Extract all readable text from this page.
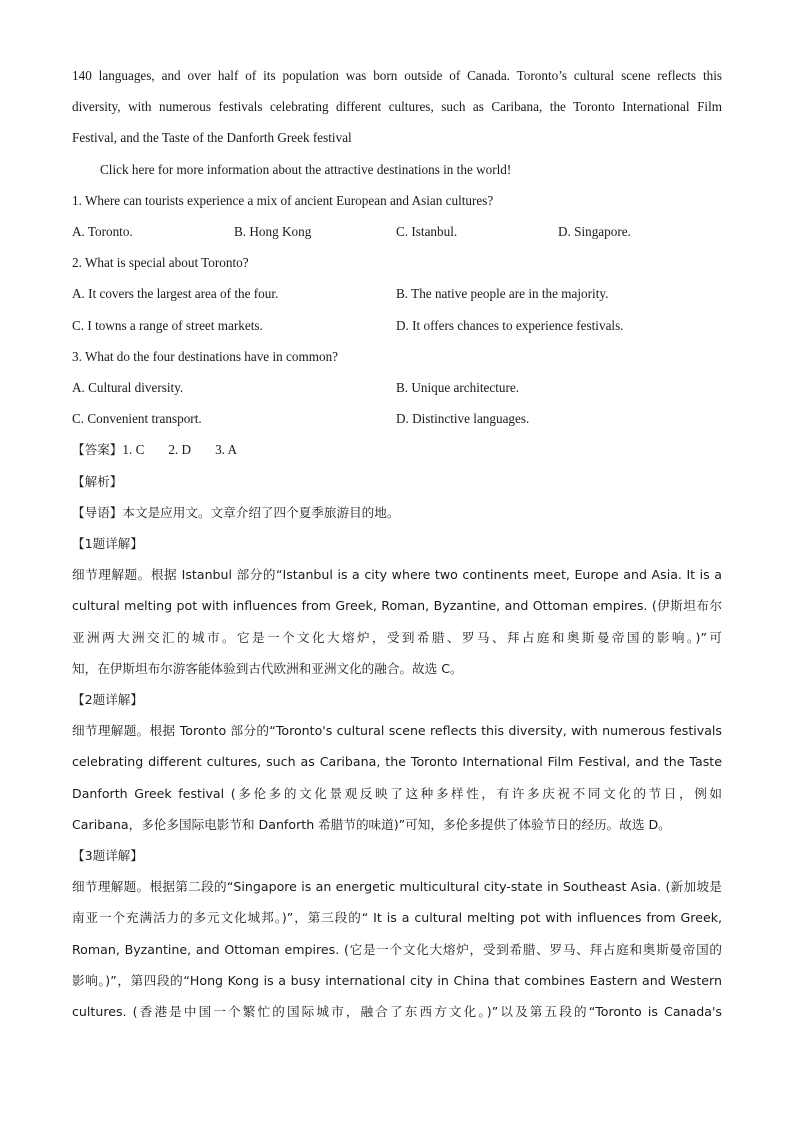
140 languages, and over half of its population was born outside of Canada. Toronto’s cultural scene reflects this
diversity, with numerous festivals celebrating different cultures, such as Caribana, the Toronto International Film
Festival, and the Taste of the Danforth Greek festival
Click here for more information about the attractive destinations in the world!
1. Where can tourists experience a mix of ancient European and Asian cultures?
A. Toronto.	B. Hong Kong	C. Istanbul.	D. Singapore.
2. What is special about Toronto?
A. It covers the largest area of the four.	B. The native people are in the majority.
C. I towns a range of street markets.	D. It offers chances to experience festivals.
3. What do the four destinations have in common?
A. Cultural diversity.	B. Unique architecture.
C. Convenient transport.	D. Distinctive languages.
【答案】1. C 2. D 3. A
【解析】
【导语】本文是应用文。文章介绍了四个夏季旅游目的地。
【1题详解】
细节理解题。根据 Istanbul 部分的“Istanbul is a city where two continents meet, Europe and Asia. It is a
cultural melting pot with influences from Greek, Roman, Byzantine, and Ottoman empires. (伊斯坦布尔
亚洲两大洲交汇的城市。它是一个文化大熔炉，受到希腊、罗马、拜占庭和奥斯曼帝国的影响。)”可
知，在伊斯坦布尔游客能体验到古代欧洲和亚洲文化的融合。故选 C。
【2题详解】
细节理解题。根据 Toronto 部分的“Toronto's cultural scene reflects this diversity, with numerous festivals
celebrating different cultures, such as Caribana, the Toronto International Film Festival, and the Taste
Danforth Greek festival (多伦多的文化景观反映了这种多样性，有许多庆祝不同文化的节日，例如
Caribana，多伦多国际电影节和 Danforth 希腊节的味道)”可知，多伦多提供了体验节日的经历。故选 D。
【3题详解】
细节理解题。根据第二段的“Singapore is an energetic multicultural city-state in Southeast Asia. (新加坡是
南亚一个充满活力的多元文化城邦。)”，第三段的“ It is a cultural melting pot with influences from Greek,
Roman, Byzantine, and Ottoman empires. (它是一个文化大熔炉，受到希腊、罗马、拜占庭和奥斯曼帝国的
影响。)”，第四段的“Hong Kong is a busy international city in China that combines Eastern and Western
cultures. (香港是中国一个繁忙的国际城市，融合了东西方文化。)”以及第五段的“Toronto is Canada's
